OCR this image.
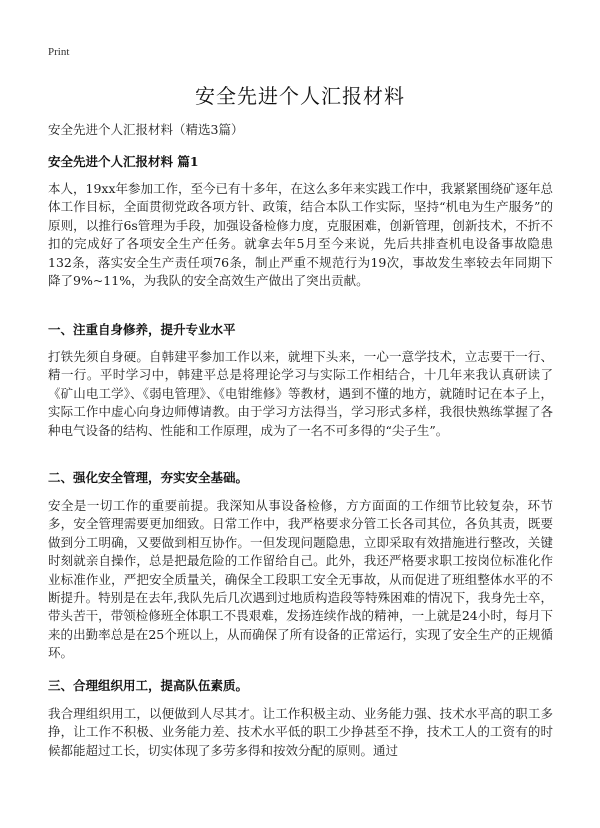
Print
安全先进个人汇报材料
安全先进个人汇报材料（精选3篇）
安全先进个人汇报材料 篇1
本人，19xx年参加工作，至今已有十多年，在这么多年来实践工作中，我紧紧围绕矿逐年总体工作目标，全面贯彻党政各项方针、政策，结合本队工作实际，坚持“机电为生产服务”的原则，以推行6s管理为手段，加强设备检修力度，克服困难，创新管理，创新技术，不折不扣的完成好了各项安全生产任务。就拿去年5月至今来说，先后共排查机电设备事故隐患132条，落实安全生产责任项76条，制止严重不规范行为19次，事故发生率较去年同期下降了9%~11%，为我队的安全高效生产做出了突出贡献。
一、注重自身修养，提升专业水平
打铁先须自身硬。自韩建平参加工作以来，就埋下头来，一心一意学技术，立志要干一行、精一行。平时学习中，韩建平总是将理论学习与实际工作相结合，十几年来我认真研读了《矿山电工学》、《弱电管理》、《电钳维修》等教材，遇到不懂的地方，就随时记在本子上，实际工作中虚心向身边师傅请教。由于学习方法得当，学习形式多样，我很快熟练掌握了各种电气设备的结构、性能和工作原理，成为了一名不可多得的“尖子生”。
二、强化安全管理，夯实安全基础。
安全是一切工作的重要前提。我深知从事设备检修，方方面面的工作细节比较复杂，环节多，安全管理需要更加细致。日常工作中，我严格要求分管工长各司其位，各负其责，既要做到分工明确，又要做到相互协作。一但发现问题隐患，立即采取有效措施进行整改，关键时刻就亲自操作，总是把最危险的工作留给自己。此外，我还严格要求职工按岗位标准化作业标准作业，严把安全质量关，确保全工段职工安全无事故，从而促进了班组整体水平的不断提升。特别是在去年,我队先后几次遇到过地质构造段等特殊困难的情况下，我身先士卒，带头苦干，带领检修班全体职工不畏艰难，发扬连续作战的精神，一上就是24小时，每月下来的出勤率总是在25个班以上，从而确保了所有设备的正常运行，实现了安全生产的正规循环。
三、合理组织用工，提高队伍素质。
我合理组织用工，以便做到人尽其才。让工作积极主动、业务能力强、技术水平高的职工多挣，让工作不积极、业务能力差、技术水平低的职工少挣甚至不挣，技术工人的工资有的时候都能超过工长，切实体现了多劳多得和按效分配的原则。通过
